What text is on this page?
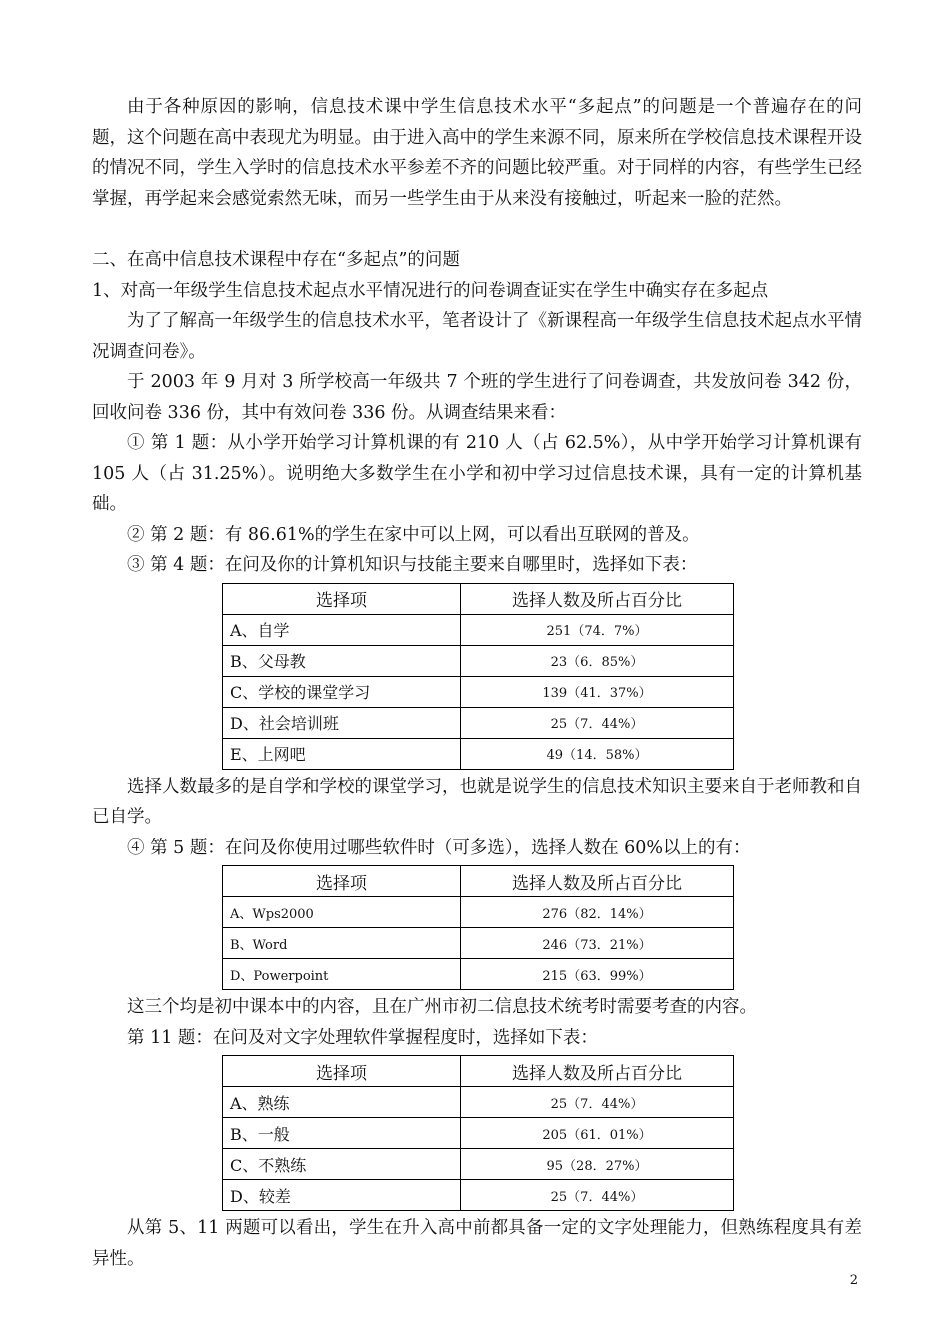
由于各种原因的影响，信息技术课中学生信息技术水平“多起点”的问题是一个普遍存在的问题，这个问题在高中表现尤为明显。由于进入高中的学生来源不同，原来所在学校信息技术课程开设的情况不同，学生入学时的信息技术水平参差不齐的问题比较严重。对于同样的内容，有些学生已经掌握，再学起来会感觉索然无味，而另一些学生由于从来没有接触过，听起来一脸的茫然。

二、在高中信息技术课程中存在“多起点”的问题

1、对高一年级学生信息技术起点水平情况进行的问卷调查证实在学生中确实存在多起点

为了了解高一年级学生的信息技术水平，笔者设计了《新课程高一年级学生信息技术起点水平情况调查问卷》。

于 2003 年 9 月对 3 所学校高一年级共 7 个班的学生进行了问卷调查，共发放问卷 342 份，回收问卷 336 份，其中有效问卷 336 份。从调查结果来看：

① 第 1 题：从小学开始学习计算机课的有 210 人（占 62.5%），从中学开始学习计算机课有 105 人（占 31.25%）。说明绝大多数学生在小学和初中学习过信息技术课，具有一定的计算机基础。

② 第 2 题：有 86.61%的学生在家中可以上网，可以看出互联网的普及。

③ 第 4 题：在问及你的计算机知识与技能主要来自哪里时，选择如下表：

选择项	选择人数及所占百分比
A、自学	251（74．7%）
B、父母教	23（6．85%）
C、学校的课堂学习	139（41．37%）
D、社会培训班	25（7．44%）
E、上网吧	49（14．58%）

选择人数最多的是自学和学校的课堂学习，也就是说学生的信息技术知识主要来自于老师教和自已自学。

④ 第 5 题：在问及你使用过哪些软件时（可多选），选择人数在 60%以上的有：

选择项	选择人数及所占百分比
A、Wps2000	276（82．14%）
B、Word	246（73．21%）
D、Powerpoint	215（63．99%）

这三个均是初中课本中的内容，且在广州市初二信息技术统考时需要考查的内容。

第 11 题：在问及对文字处理软件掌握程度时，选择如下表：

选择项	选择人数及所占百分比
A、熟练	25（7．44%）
B、一般	205（61．01%）
C、不熟练	95（28．27%）
D、较差	25（7．44%）

从第 5、11 两题可以看出，学生在升入高中前都具备一定的文字处理能力，但熟练程度具有差异性。

2
